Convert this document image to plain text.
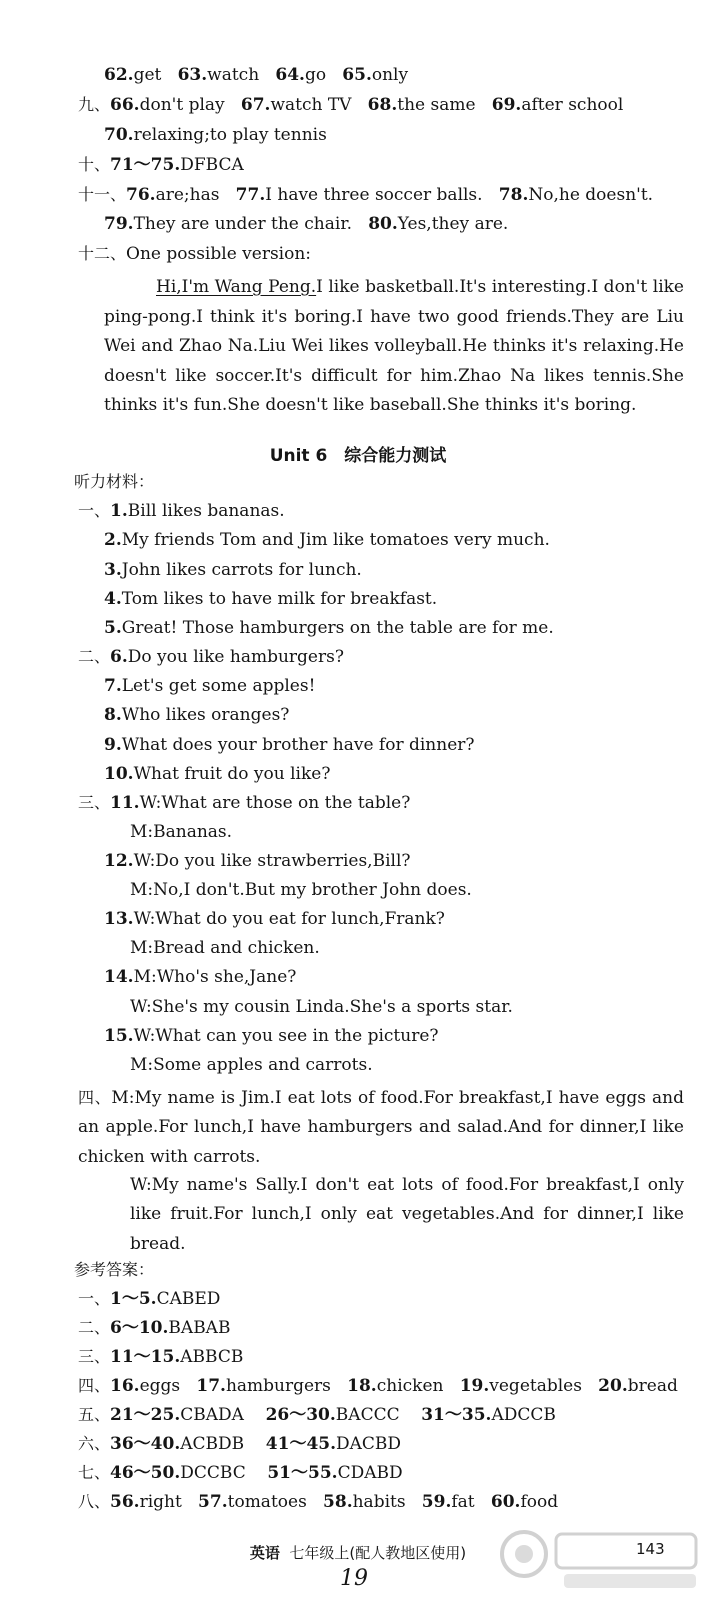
62.get 63.watch 64.go 65.only
九、66.don't play 67.watch TV 68.the same 69.after school
70.relaxing;to play tennis
十、71～75.DFBCA
十一、76.are;has 77.I have three soccer balls. 78.No,he doesn't.
79.They are under the chair. 80.Yes,they are.
十二、One possible version:
Hi,I'm Wang Peng.I like basketball.It's interesting.I don't like ping-pong.I think it's boring.I have two good friends.They are Liu Wei and Zhao Na.Liu Wei likes volleyball.He thinks it's relaxing.He doesn't like soccer.It's difficult for him.Zhao Na likes tennis.She thinks it's fun.She doesn't like baseball.She thinks it's boring.
Unit 6　综合能力测试
听力材料：
一、1.Bill likes bananas.
2.My friends Tom and Jim like tomatoes very much.
3.John likes carrots for lunch.
4.Tom likes to have milk for breakfast.
5.Great! Those hamburgers on the table are for me.
二、6.Do you like hamburgers?
7.Let's get some apples!
8.Who likes oranges?
9.What does your brother have for dinner?
10.What fruit do you like?
三、11.W:What are those on the table?
M:Bananas.
12.W:Do you like strawberries,Bill?
M:No,I don't.But my brother John does.
13.W:What do you eat for lunch,Frank?
M:Bread and chicken.
14.M:Who's she,Jane?
W:She's my cousin Linda.She's a sports star.
15.W:What can you see in the picture?
M:Some apples and carrots.
四、M:My name is Jim.I eat lots of food.For breakfast,I have eggs and an apple.For lunch,I have hamburgers and salad.And for dinner,I like chicken with carrots.
W:My name's Sally.I don't eat lots of food.For breakfast,I only like fruit.For lunch,I only eat vegetables.And for dinner,I like bread.
参考答案：
一、1～5.CABED
二、6～10.BABAB
三、11～15.ABBCB
四、16.eggs 17.hamburgers 18.chicken 19.vegetables 20.bread
五、21～25.CBADA 26～30.BACCC 31～35.ADCCB
六、36～40.ACBDB 41～45.DACBD
七、46～50.DCCBC 51～55.CDABD
八、56.right 57.tomatoes 58.habits 59.fat 60.food
英语 七年级上(配人教地区使用)	143
19
